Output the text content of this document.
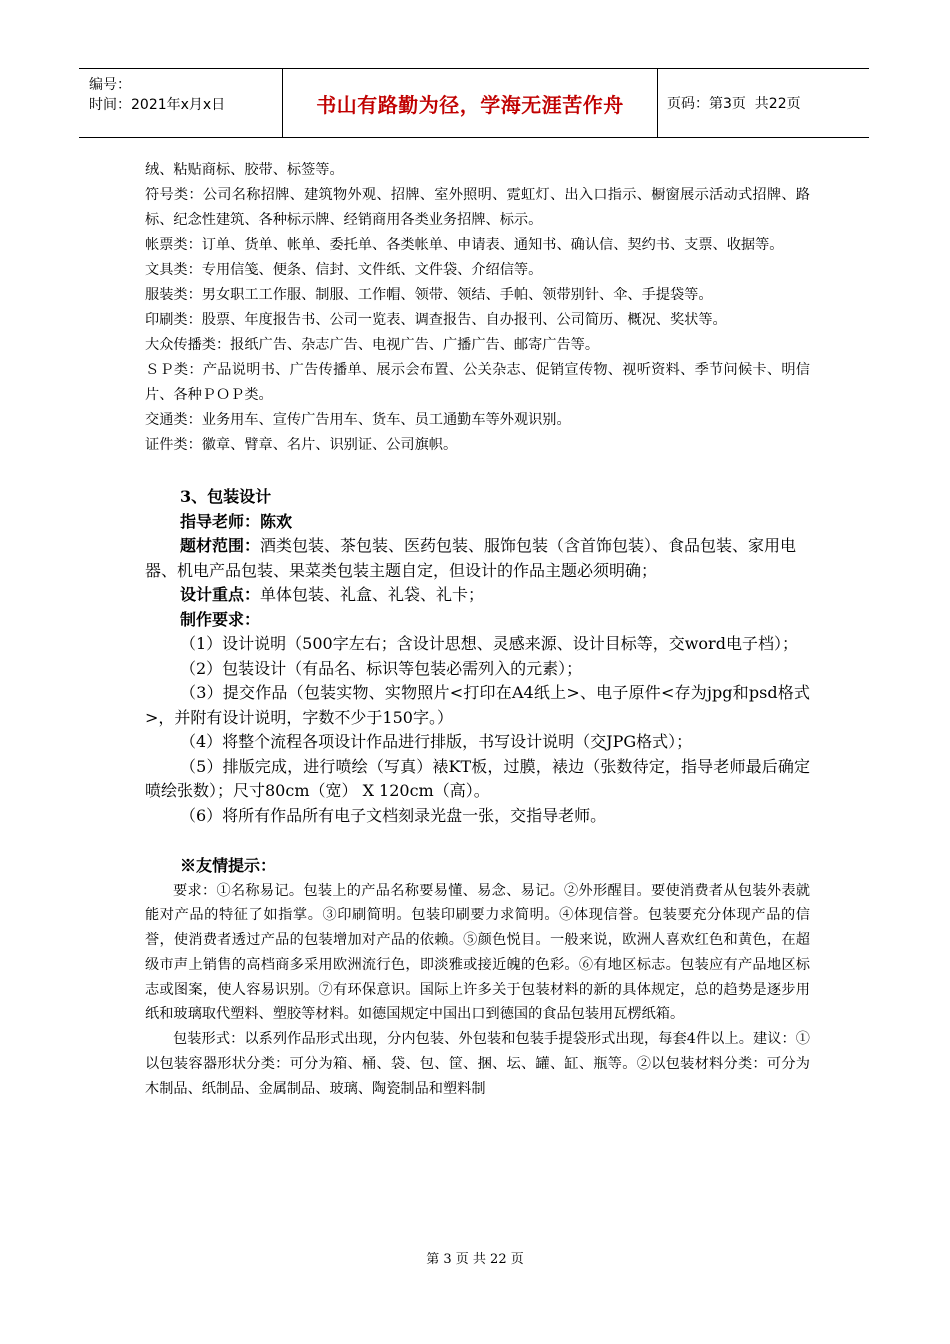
编号：
时间：2021年x月x日	书山有路勤为径，学海无涯苦作舟	页码：第3页  共22页

绒、粘贴商标、胶带、标签等。

符号类：公司名称招牌、建筑物外观、招牌、室外照明、霓虹灯、出入口指示、橱窗展示活动式招牌、路标、纪念性建筑、各种标示牌、经销商用各类业务招牌、标示。

帐票类：订单、货单、帐单、委托单、各类帐单、申请表、通知书、确认信、契约书、支票、收据等。

文具类：专用信笺、便条、信封、文件纸、文件袋、介绍信等。

服装类：男女职工工作服、制服、工作帽、领带、领结、手帕、领带别针、伞、手提袋等。

印刷类：股票、年度报告书、公司一览表、调查报告、自办报刊、公司简历、概况、奖状等。

大众传播类：报纸广告、杂志广告、电视广告、广播广告、邮寄广告等。

ＳＰ类：产品说明书、广告传播单、展示会布置、公关杂志、促销宣传物、视听资料、季节问候卡、明信片、各种ＰＯＰ类。

交通类：业务用车、宣传广告用车、货车、员工通勤车等外观识别。

证件类：徽章、臂章、名片、识别证、公司旗帜。

3、包装设计

指导老师：陈欢

题材范围：酒类包装、茶包装、医药包装、服饰包装（含首饰包装）、食品包装、家用电器、机电产品包装、果菜类包装主题自定，但设计的作品主题必须明确；

设计重点：单体包装、礼盒、礼袋、礼卡；

制作要求：

（1）设计说明（500字左右；含设计思想、灵感来源、设计目标等，交word电子档）；

（2）包装设计（有品名、标识等包装必需列入的元素）；

（3）提交作品（包装实物、实物照片<打印在A4纸上>、电子原件<存为jpg和psd格式>，并附有设计说明，字数不少于150字。）

（4）将整个流程各项设计作品进行排版，书写设计说明（交JPG格式）；

（5）排版完成，进行喷绘（写真）裱KT板，过膜，裱边（张数待定，指导老师最后确定喷绘张数）；尺寸80cm（宽） X 120cm（高）。

（6）将所有作品所有电子文档刻录光盘一张，交指导老师。

※友情提示：

要求：①名称易记。包装上的产品名称要易懂、易念、易记。②外形醒目。要使消费者从包装外表就能对产品的特征了如指掌。③印刷简明。包装印刷要力求简明。④体现信誉。包装要充分体现产品的信誉，使消费者透过产品的包装增加对产品的依赖。⑤颜色悦目。一般来说，欧洲人喜欢红色和黄色，在超级市声上销售的高档商多采用欧洲流行色，即淡雅或接近魄的色彩。⑥有地区标志。包装应有产品地区标志或图案，使人容易识别。⑦有环保意识。国际上许多关于包装材料的新的具体规定，总的趋势是逐步用纸和玻璃取代塑料、塑胶等材料。如德国规定中国出口到德国的食品包装用瓦楞纸箱。

包装形式：以系列作品形式出现，分内包装、外包装和包装手提袋形式出现，每套4件以上。建议：①以包装容器形状分类：可分为箱、桶、袋、包、筐、捆、坛、罐、缸、瓶等。②以包装材料分类：可分为木制品、纸制品、金属制品、玻璃、陶瓷制品和塑料制

第 3 页 共 22 页
